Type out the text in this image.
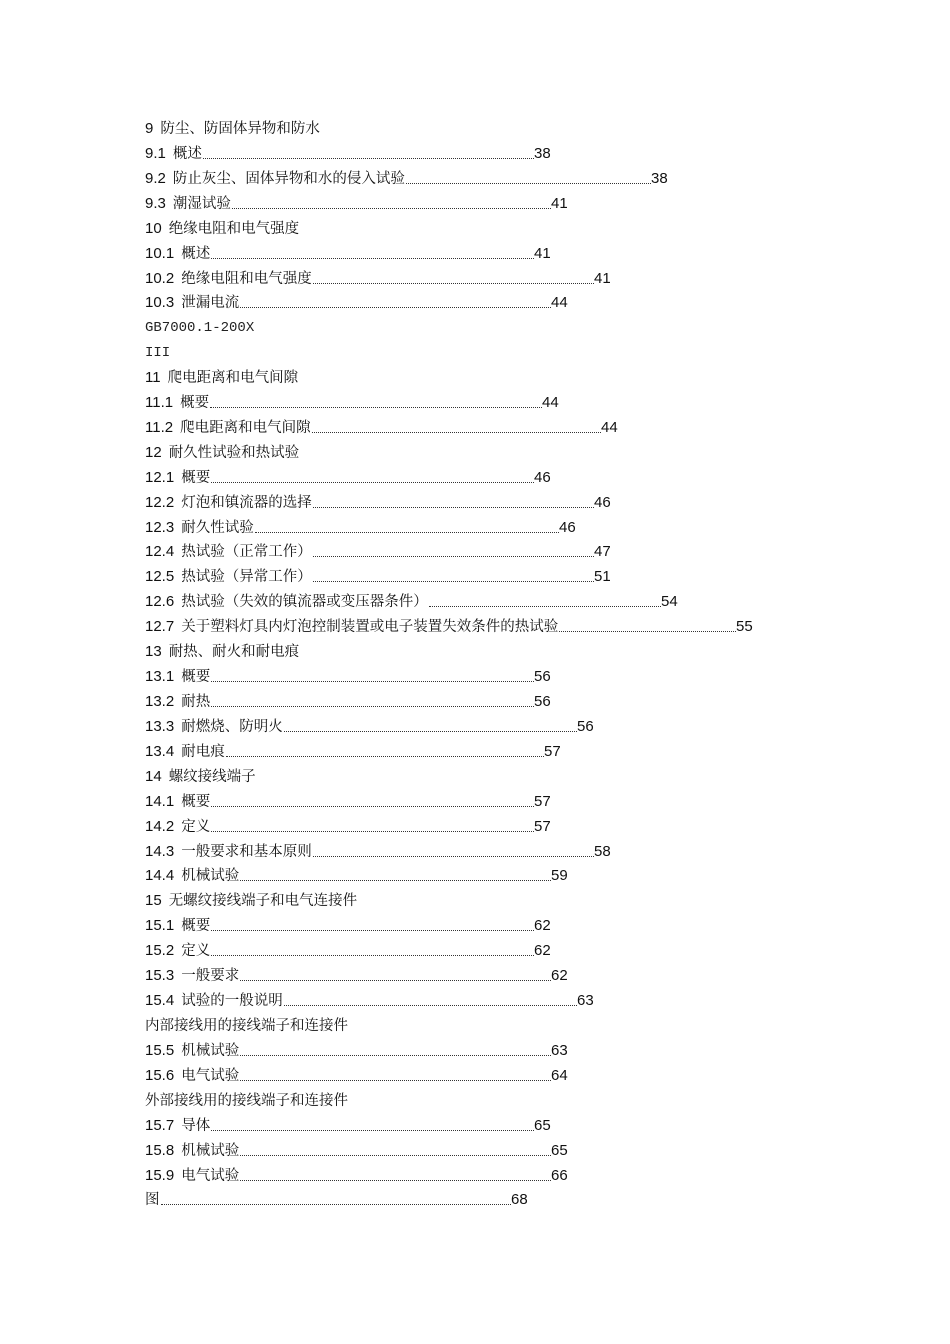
9 防尘、防固体异物和防水
9.1 概述	38
9.2 防止灰尘、固体异物和水的侵入试验	38
9.3 潮湿试验	41
10 绝缘电阻和电气强度
10.1 概述	41
10.2 绝缘电阻和电气强度	41
10.3 泄漏电流	44
GB7000.1-200X
III
11 爬电距离和电气间隙
11.1 概要	44
11.2 爬电距离和电气间隙	44
12 耐久性试验和热试验
12.1 概要	46
12.2 灯泡和镇流器的选择	46
12.3 耐久性试验	46
12.4 热试验（正常工作）	47
12.5 热试验（异常工作）	51
12.6 热试验（失效的镇流器或变压器条件）	54
12.7 关于塑料灯具内灯泡控制装置或电子装置失效条件的热试验	55
13 耐热、耐火和耐电痕
13.1 概要	56
13.2 耐热	56
13.3 耐燃烧、防明火	56
13.4 耐电痕	57
14 螺纹接线端子
14.1 概要	57
14.2 定义	57
14.3 一般要求和基本原则	58
14.4 机械试验	59
15 无螺纹接线端子和电气连接件
15.1 概要	62
15.2 定义	62
15.3 一般要求	62
15.4 试验的一般说明	63
内部接线用的接线端子和连接件
15.5 机械试验	63
15.6 电气试验	64
外部接线用的接线端子和连接件
15.7 导体	65
15.8 机械试验	65
15.9 电气试验	66
图	68
